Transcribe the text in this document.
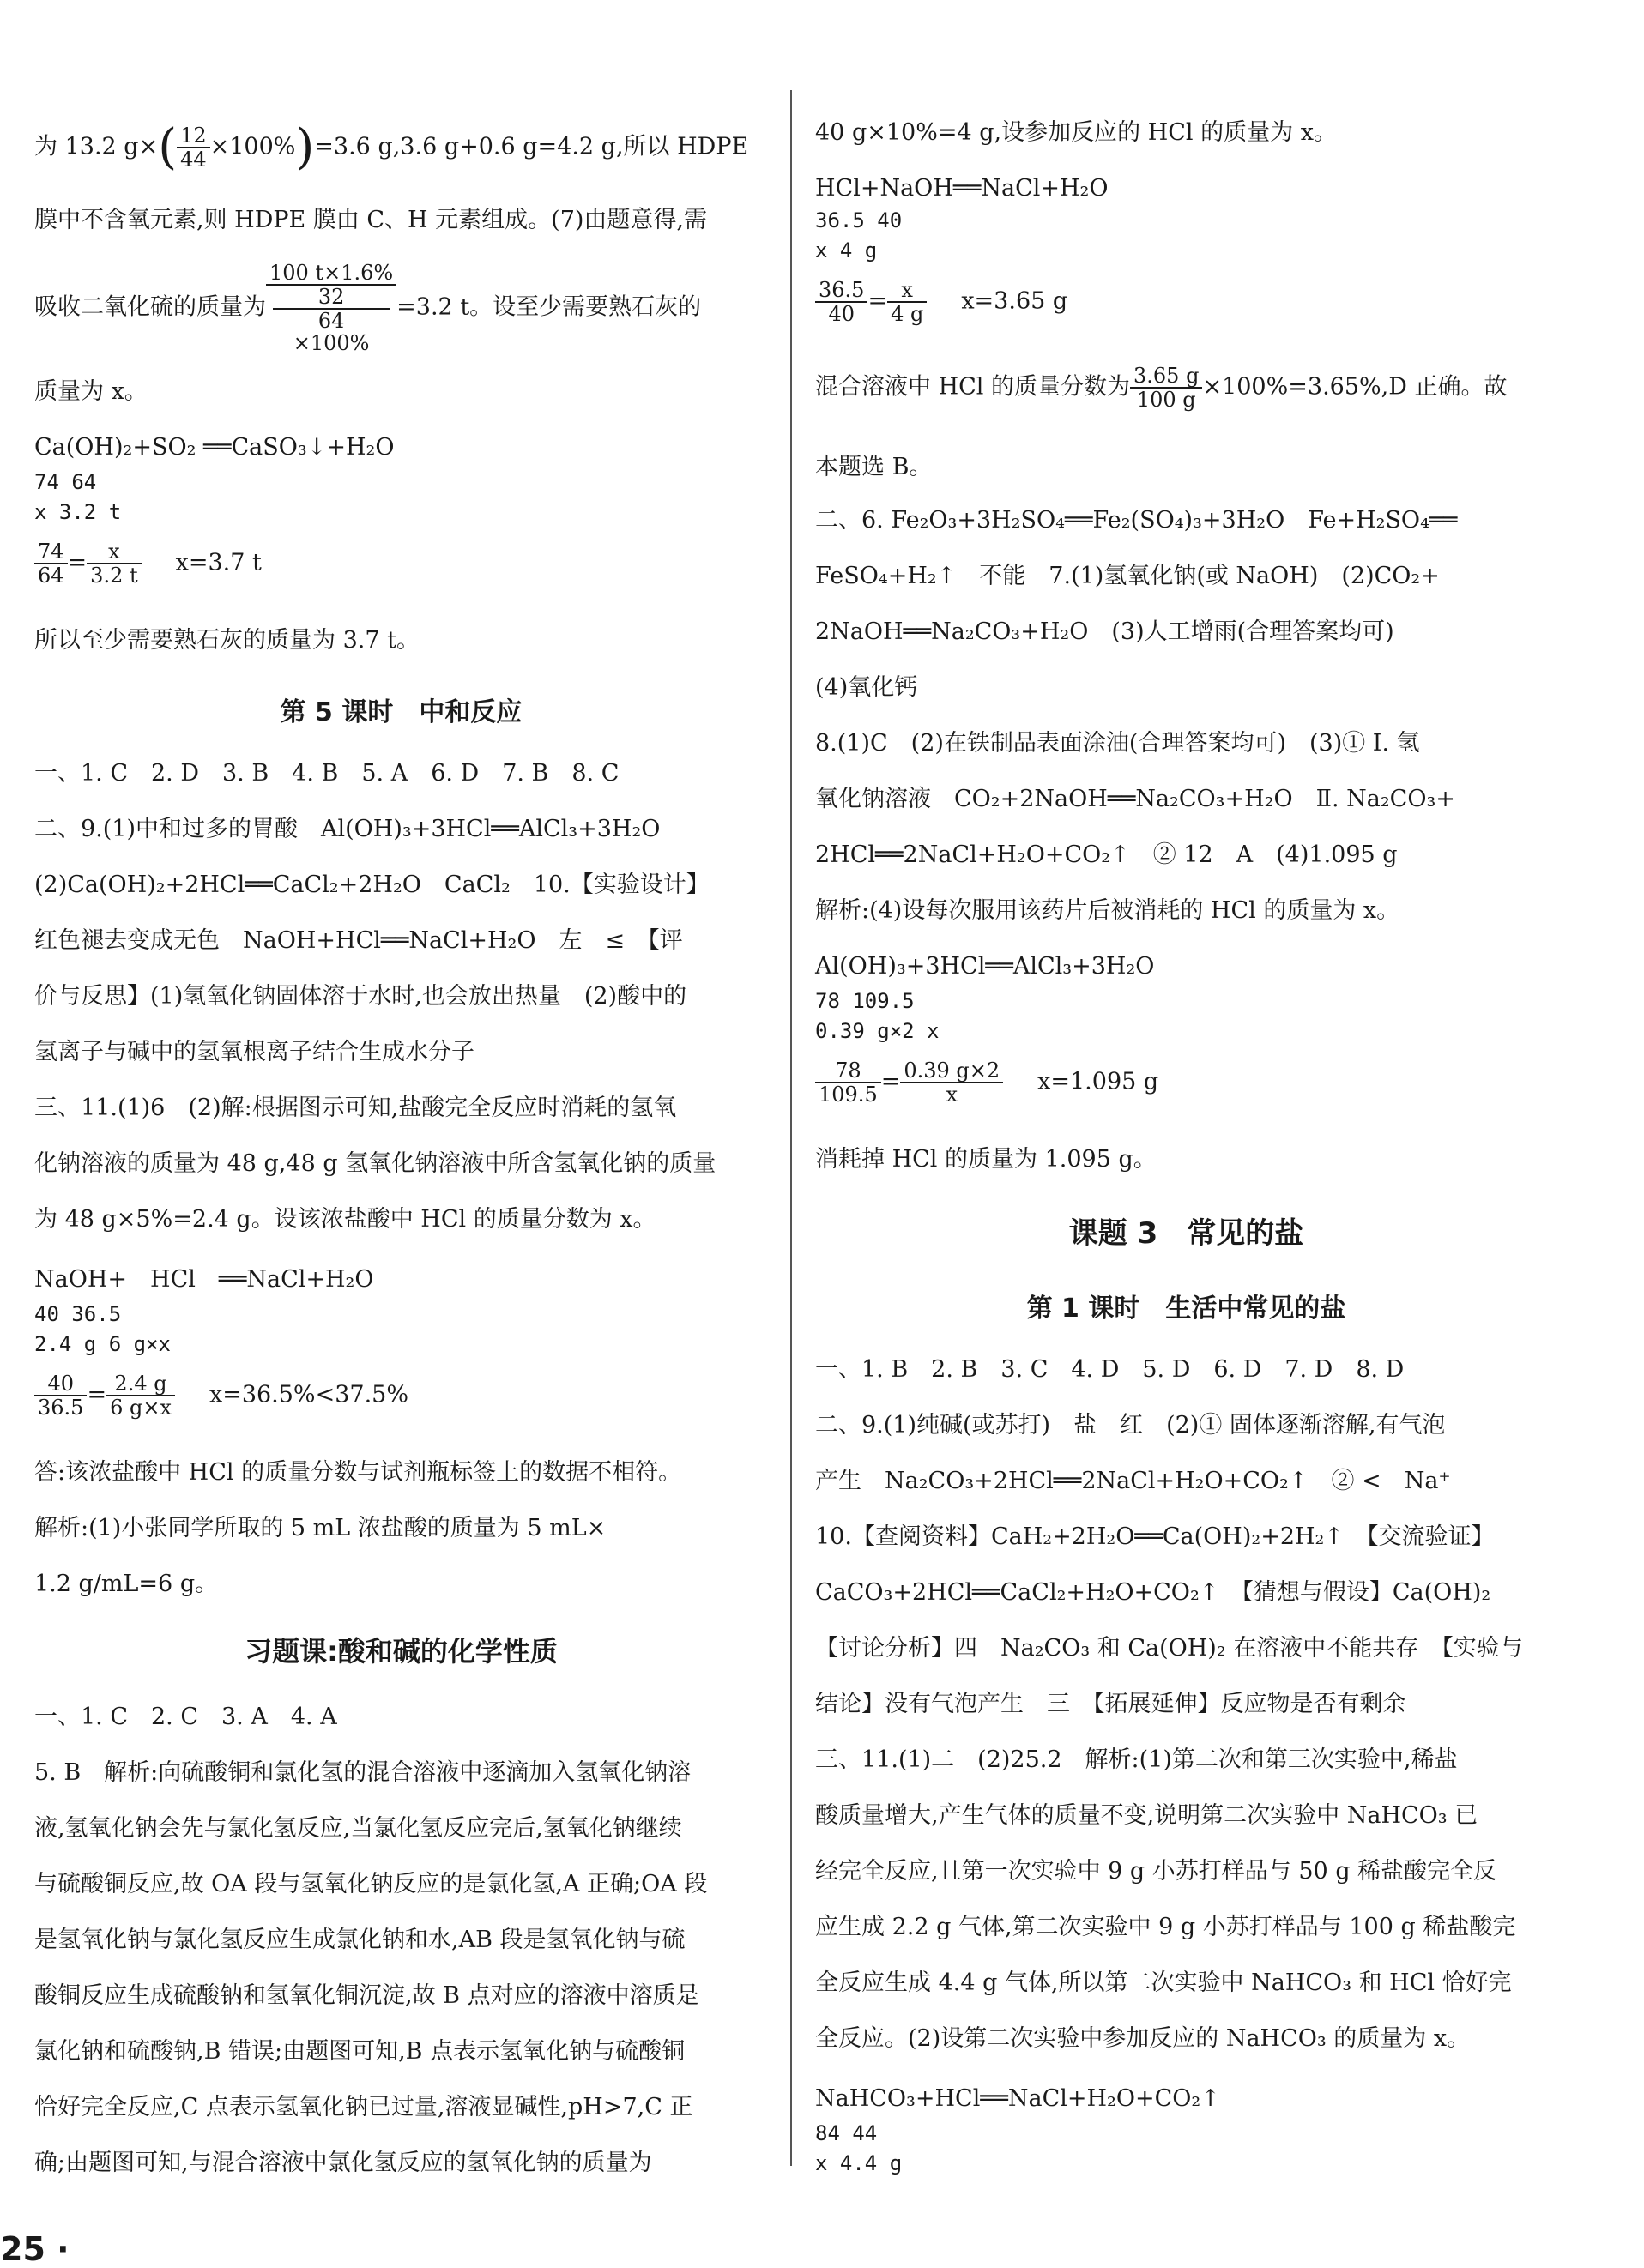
为 13.2 $g\times( \frac{12}{44} \times 100\%)=3.6$ g,3.6 g+0.6 g=4.2 g,所以 HDPE
膜中不含氧元素,则 HDPE 膜由 C、H 元素组成。(7)由题意得,需
吸收二氧化硫的质量为 100 t×1.6%
32
64
×100% =3.2 t。设至少需要熟石灰的
质量为 x。
Ca(OH)₂+SO₂ ══CaSO₃↓+H₂O
74 64
x 3.2 t
$\frac{74}{64} = \frac{x}{3.2 t} x=3.7$ t
所以至少需要熟石灰的质量为 3.7 t。
第 5 课时　中和反应
一、1. C　2. D　3. B　4. B　5. A　6. D　7. B　8. C
二、9.(1)中和过多的胃酸　Al(OH)₃+3HCl══AlCl₃+3H₂O
(2)Ca(OH)₂+2HCl══CaCl₂+2H₂O　CaCl₂　10.【实验设计】
红色褪去变成无色　NaOH+HCl══NaCl+H₂O　左　≤　【评
价与反思】(1)氢氧化钠固体溶于水时,也会放出热量　(2)酸中的
氢离子与碱中的氢氧根离子结合生成水分子
三、11.(1)6　(2)解:根据图示可知,盐酸完全反应时消耗的氢氧
化钠溶液的质量为 48 g,48 g 氢氧化钠溶液中所含氢氧化钠的质量
为 48 g×5%=2.4 g。设该浓盐酸中 HCl 的质量分数为 x。
NaOH+　HCl　══NaCl+H₂O
40 36.5
2.4 g 6 g×x
$\frac{40}{36.5} = \frac{2.4 g}{6 g\times x} x=36.5\%<37.5\%$
答:该浓盐酸中 HCl 的质量分数与试剂瓶标签上的数据不相符。
解析:(1)小张同学所取的 5 mL 浓盐酸的质量为 5 mL×
1.2 g/mL=6 g。
习题课:酸和碱的化学性质
一、1. C　2. C　3. A　4. A
5. B　解析:向硫酸铜和氯化氢的混合溶液中逐滴加入氢氧化钠溶
液,氢氧化钠会先与氯化氢反应,当氯化氢反应完后,氢氧化钠继续
与硫酸铜反应,故 OA 段与氢氧化钠反应的是氯化氢,A 正确;OA 段
是氢氧化钠与氯化氢反应生成氯化钠和水,AB 段是氢氧化钠与硫
酸铜反应生成硫酸钠和氢氧化铜沉淀,故 B 点对应的溶液中溶质是
氯化钠和硫酸钠,B 错误;由题图可知,B 点表示氢氧化钠与硫酸铜
恰好完全反应,C 点表示氢氧化钠已过量,溶液显碱性,pH>7,C 正
确;由题图可知,与混合溶液中氯化氢反应的氢氧化钠的质量为
40 g×10%=4 g,设参加反应的 HCl 的质量为 x。
HCl+NaOH══NaCl+H₂O
36.5 40
x 4 g
$\frac{36.5}{40} = \frac{x}{4 g} x=3.65$ g
混合溶液中 HCl 的质量分数为 $\frac{3.65 g}{100 g} \times 100\%=3.65\%,D$ 正确。故
本题选 B。
二、6. Fe₂O₃+3H₂SO₄══Fe₂(SO₄)₃+3H₂O　Fe+H₂SO₄══
FeSO₄+H₂↑　不能　7.(1)氢氧化钠(或 NaOH)　(2)CO₂+
2NaOH══Na₂CO₃+H₂O　(3)人工增雨(合理答案均可)
(4)氧化钙
8.(1)C　(2)在铁制品表面涂油(合理答案均可)　(3)① Ⅰ. 氢
氧化钠溶液　CO₂+2NaOH══Na₂CO₃+H₂O　Ⅱ. Na₂CO₃+
2HCl══2NaCl+H₂O+CO₂↑　② 12　A　(4)1.095 g
解析:(4)设每次服用该药片后被消耗的 HCl 的质量为 x。
Al(OH)₃+3HCl══AlCl₃+3H₂O
78 109.5
0.39 g×2 x
$\frac{78}{109.5} = \frac{0.39 g\times 2}{x} x=1.095$ g
消耗掉 HCl 的质量为 1.095 g。
课题 3　常见的盐
第 1 课时　生活中常见的盐
一、1. B　2. B　3. C　4. D　5. D　6. D　7. D　8. D
二、9.(1)纯碱(或苏打)　盐　红　(2)① 固体逐渐溶解,有气泡
产生　Na₂CO₃+2HCl══2NaCl+H₂O+CO₂↑　② <　Na⁺
10.【查阅资料】CaH₂+2H₂O══Ca(OH)₂+2H₂↑　【交流验证】
CaCO₃+2HCl══CaCl₂+H₂O+CO₂↑　【猜想与假设】Ca(OH)₂
【讨论分析】四　Na₂CO₃ 和 Ca(OH)₂ 在溶液中不能共存　【实验与
结论】没有气泡产生　三　【拓展延伸】反应物是否有剩余
三、11.(1)二　(2)25.2　解析:(1)第二次和第三次实验中,稀盐
酸质量增大,产生气体的质量不变,说明第二次实验中 NaHCO₃ 已
经完全反应,且第一次实验中 9 g 小苏打样品与 50 g 稀盐酸完全反
应生成 2.2 g 气体,第二次实验中 9 g 小苏打样品与 100 g 稀盐酸完
全反应生成 4.4 g 气体,所以第二次实验中 NaHCO₃ 和 HCl 恰好完
全反应。(2)设第二次实验中参加反应的 NaHCO₃ 的质量为 x。
NaHCO₃+HCl══NaCl+H₂O+CO₂↑
84 44
x 4.4 g
25 ·
